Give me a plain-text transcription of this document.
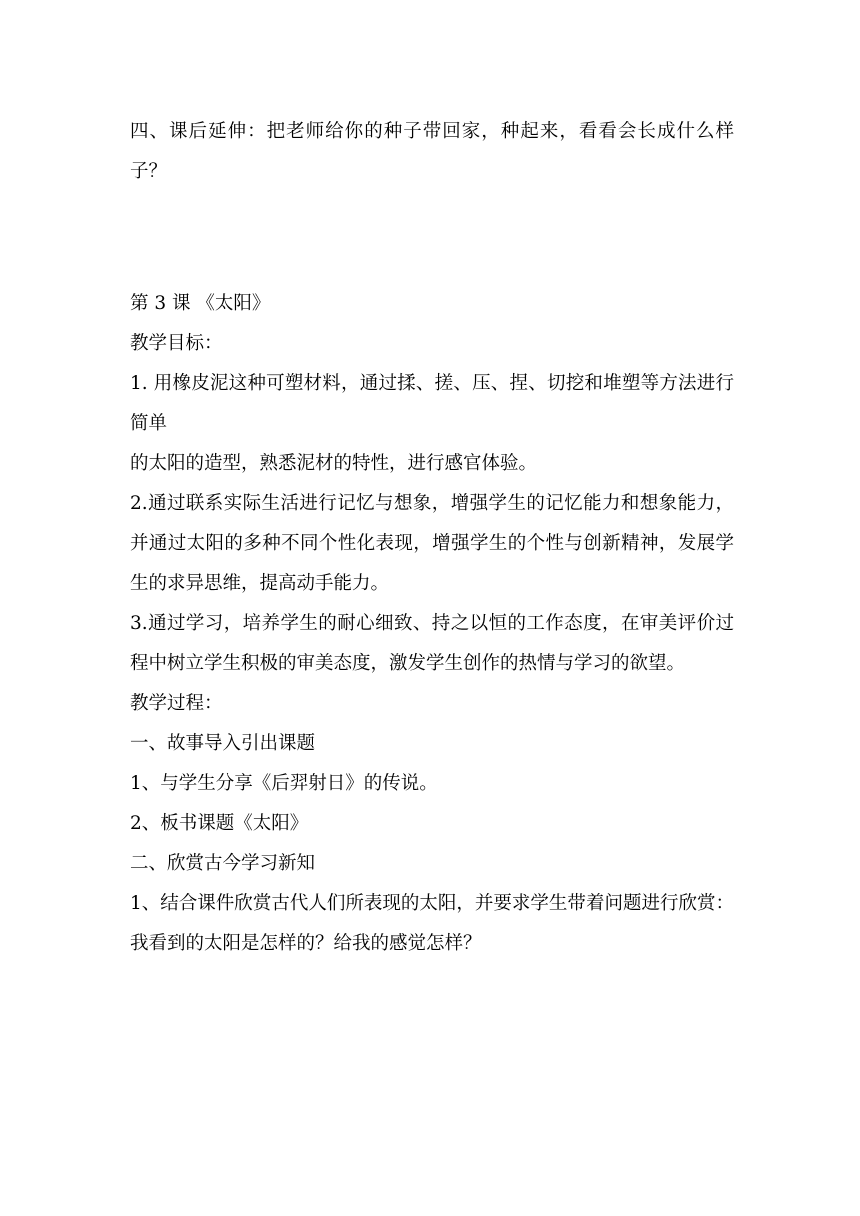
四、课后延伸：把老师给你的种子带回家，种起来，看看会长成什么样子？

第 3 课 《太阳》

教学目标：

1. 用橡皮泥这种可塑材料，通过揉、搓、压、捏、切挖和堆塑等方法进行简单

的太阳的造型，熟悉泥材的特性，进行感官体验。

2.通过联系实际生活进行记忆与想象，增强学生的记忆能力和想象能力，并通过太阳的多种不同个性化表现，增强学生的个性与创新精神，发展学生的求异思维，提高动手能力。

3.通过学习，培养学生的耐心细致、持之以恒的工作态度，在审美评价过程中树立学生积极的审美态度，激发学生创作的热情与学习的欲望。

教学过程：

一、故事导入引出课题

1、与学生分享《后羿射日》的传说。

2、板书课题《太阳》

二、欣赏古今学习新知

1、结合课件欣赏古代人们所表现的太阳，并要求学生带着问题进行欣赏：我看到的太阳是怎样的？给我的感觉怎样？
